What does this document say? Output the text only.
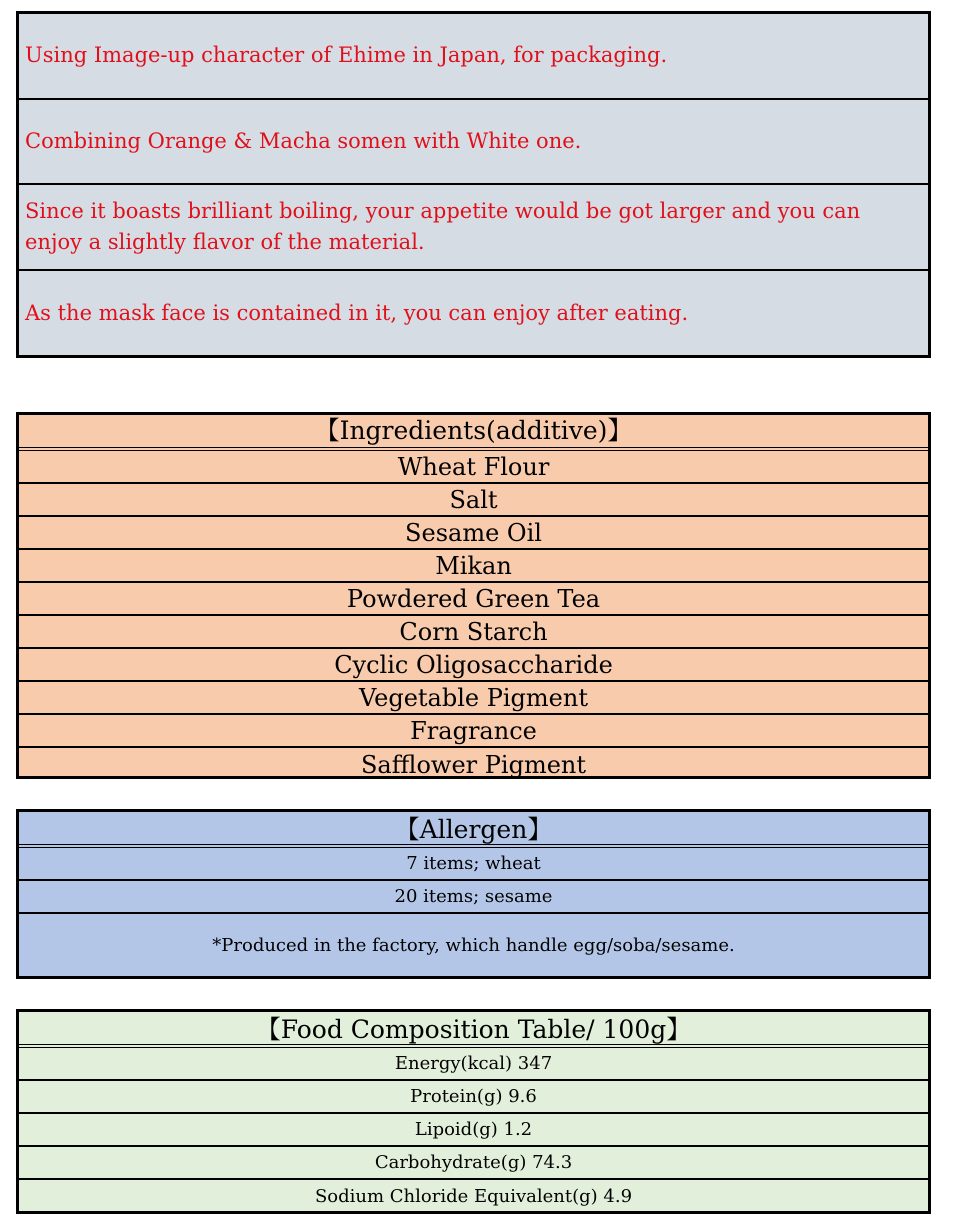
Using Image-up character of Ehime in Japan, for packaging.
Combining Orange & Macha somen with White one.
Since it boasts brilliant boiling, your appetite would be got larger and you can enjoy a slightly flavor of the material.
As the mask face is contained in it, you can enjoy after eating.
【Ingredients(additive)】
Wheat Flour
Salt
Sesame Oil
Mikan
Powdered Green Tea
Corn Starch
Cyclic Oligosaccharide
Vegetable Pigment
Fragrance
Safflower Pigment
【Allergen】
7 items; wheat
20 items; sesame
*Produced in the factory, which handle egg/soba/sesame.
【Food Composition Table/ 100g】
Energy(kcal) 347
Protein(g) 9.6
Lipoid(g) 1.2
Carbohydrate(g) 74.3
Sodium Chloride Equivalent(g) 4.9
